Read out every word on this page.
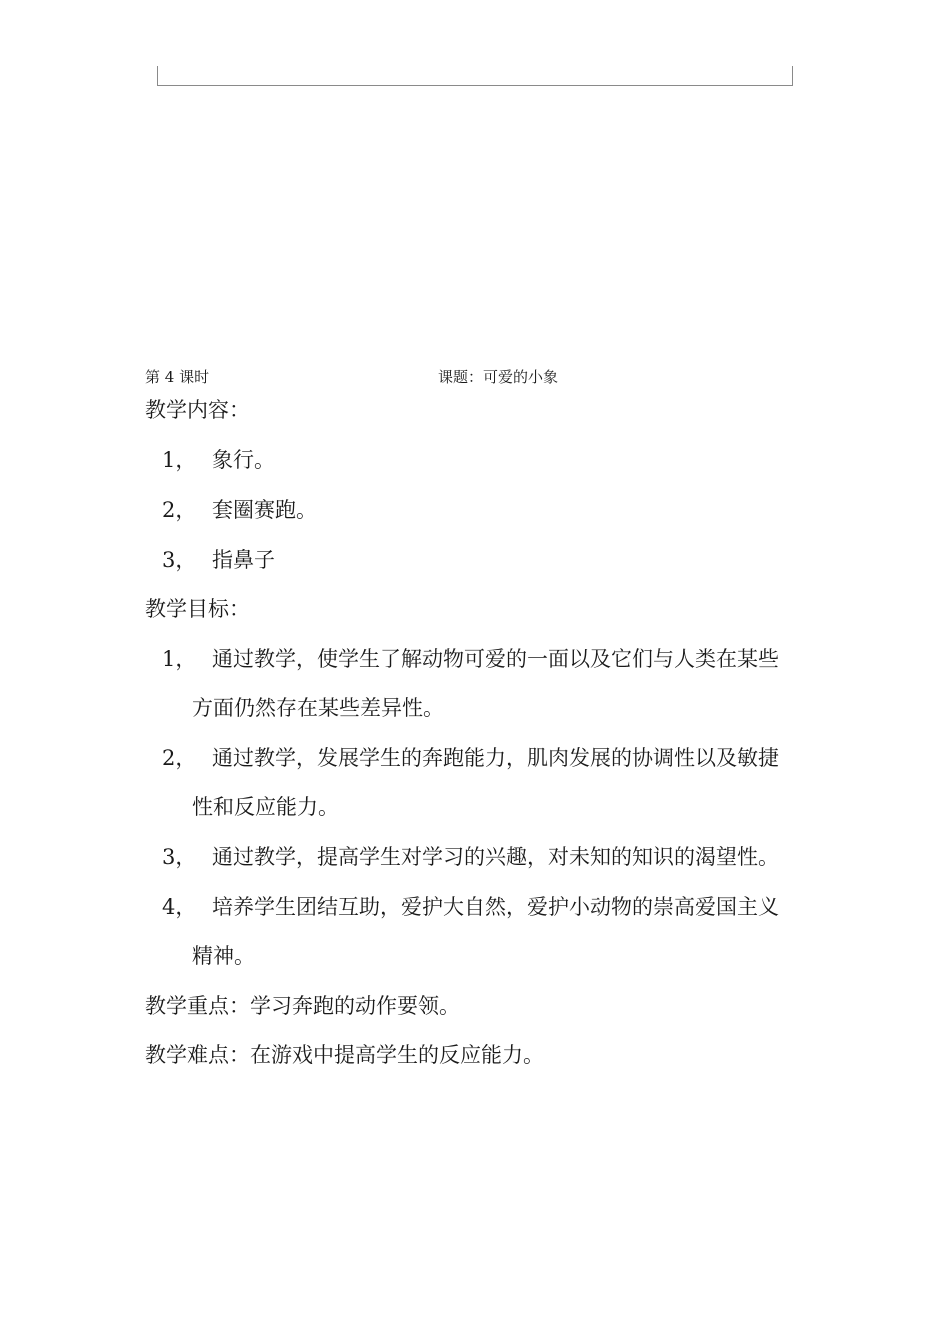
第 4 课时	课题：可爱的小象
教学内容：
1， 象行。
2， 套圈赛跑。
3， 指鼻子
教学目标：
1， 通过教学，使学生了解动物可爱的一面以及它们与人类在某些
方面仍然存在某些差异性。
2， 通过教学，发展学生的奔跑能力，肌肉发展的协调性以及敏捷
性和反应能力。
3， 通过教学，提高学生对学习的兴趣，对未知的知识的渴望性。
4， 培养学生团结互助，爱护大自然，爱护小动物的崇高爱国主义
精神。
教学重点：学习奔跑的动作要领。
教学难点：在游戏中提高学生的反应能力。
